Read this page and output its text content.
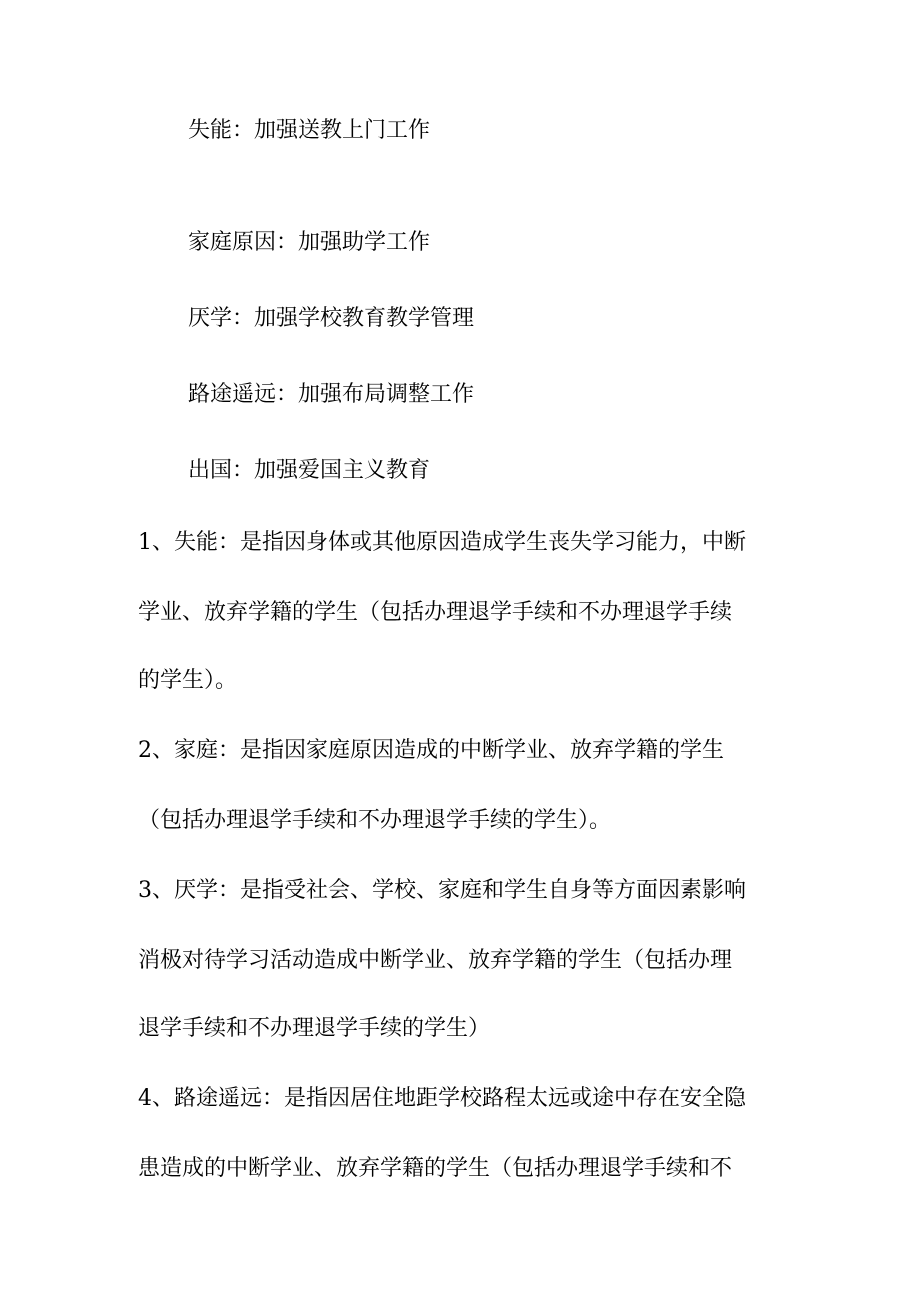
失能：加强送教上门工作
家庭原因：加强助学工作
厌学：加强学校教育教学管理
路途遥远：加强布局调整工作
出国：加强爱国主义教育
1、失能：是指因身体或其他原因造成学生丧失学习能力，中断
学业、放弃学籍的学生（包括办理退学手续和不办理退学手续
的学生）。
2、家庭：是指因家庭原因造成的中断学业、放弃学籍的学生
（包括办理退学手续和不办理退学手续的学生）。
3、厌学：是指受社会、学校、家庭和学生自身等方面因素影响
消极对待学习活动造成中断学业、放弃学籍的学生（包括办理
退学手续和不办理退学手续的学生）
4、路途遥远：是指因居住地距学校路程太远或途中存在安全隐
患造成的中断学业、放弃学籍的学生（包括办理退学手续和不
